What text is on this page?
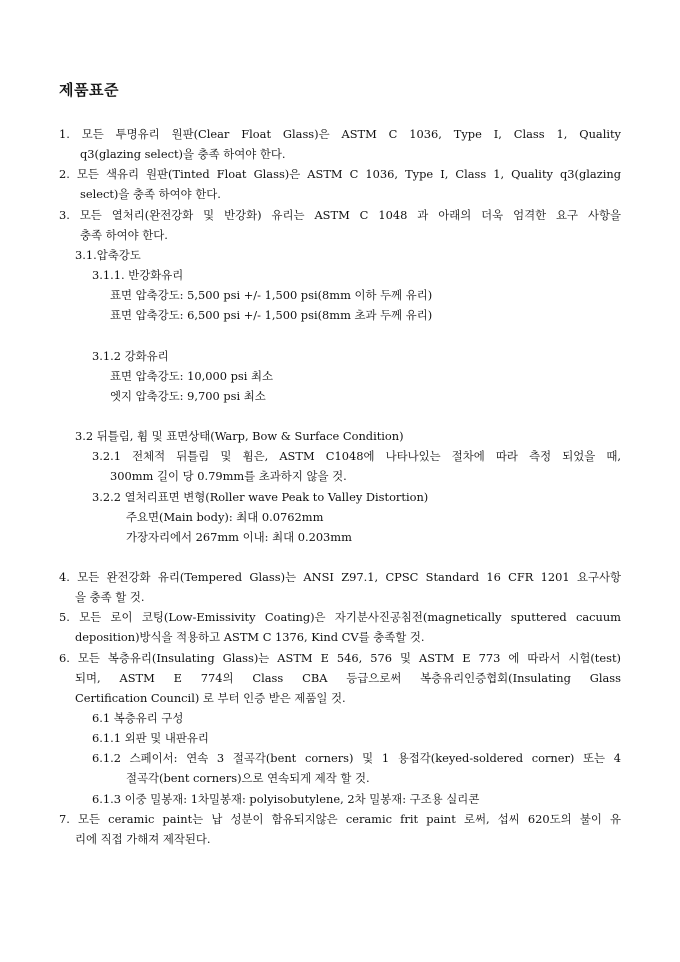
제품표준
1. 모든 투명유리 원판(Clear Float Glass)은 ASTM C 1036, Type I, Class 1, Quality
q3(glazing select)을 충족 하여야 한다.
2. 모든 색유리 원판(Tinted Float Glass)은 ASTM C 1036, Type I, Class 1, Quality q3(glazing
select)을 충족 하여야 한다.
3. 모든 열처리(완전강화 및 반강화) 유리는 ASTM C 1048 과 아래의 더욱 엄격한 요구 사항을
충족 하여야 한다.
3.1.압축강도
3.1.1. 반강화유리
표면 압축강도: 5,500 psi +/- 1,500 psi(8mm 이하 두께 유리)
표면 압축강도: 6,500 psi +/- 1,500 psi(8mm 초과 두께 유리)
3.1.2 강화유리
표면 압축강도: 10,000 psi 최소
엣지 압축강도: 9,700 psi 최소
3.2 뒤틀림, 휨 및 표면상태(Warp, Bow & Surface Condition)
3.2.1 전체적 뒤틀림 및 휨은, ASTM C1048에 나타나있는 절차에 따라 측정 되었을 때,
300mm 길이 당 0.79mm를 초과하지 않을 것.
3.2.2 열처리표면 변형(Roller wave Peak to Valley Distortion)
주요면(Main body): 최대 0.0762mm
가장자리에서 267mm 이내: 최대 0.203mm
4. 모든 완전강화 유리(Tempered Glass)는 ANSI Z97.1, CPSC Standard 16 CFR 1201 요구사항
을 충족 할 것.
5. 모든 로이 코팅(Low-Emissivity Coating)은 자기분사진공침전(magnetically sputtered cacuum
deposition)방식을 적용하고 ASTM C 1376, Kind CV를 충족할 것.
6. 모든 복층유리(Insulating Glass)는 ASTM E 546, 576 및 ASTM E 773 에 따라서 시험(test)
되며, ASTM E 774의 Class CBA 등급으로써 복층유리인증협회(Insulating Glass
Certification Council) 로 부터 인증 받은 제품일 것.
6.1 복층유리 구성
6.1.1 외판 및 내판유리
6.1.2 스페이서: 연속 3 절곡각(bent corners) 및 1 용접각(keyed-soldered corner) 또는 4
절곡각(bent corners)으로 연속되게 제작 할 것.
6.1.3 이중 밀봉재: 1차밀봉재: polyisobutylene, 2차 밀봉재: 구조용 실리콘
7. 모든 ceramic paint는 납 성분이 함유되지않은 ceramic frit paint 로써, 섭씨 620도의 불이 유
리에 직접 가해져 제작된다.
